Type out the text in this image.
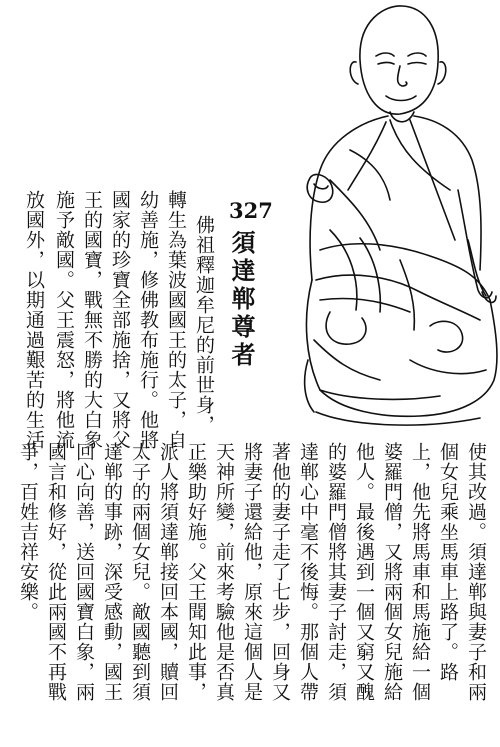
327
須達郸尊者
佛祖釋迦牟尼的前世身，
轉生為葉波國國王的太子，自
幼善施，修佛教布施行。他將
國家的珍寶全部施捨，又將父
王的國寶，戰無不勝的大白象
施予敵國。父王震怒，將他流
放國外，以期通過艱苦的生活
使其改過。須達郸與妻子和兩
個女兒乘坐馬車上路了。路
上，他先將馬車和馬施給一個
婆羅門僧，又將兩個女兒施給
他人。最後遇到一個又窮又醜
的婆羅門僧將其妻子討走，須
達郸心中毫不後悔。那個人帶
著他的妻子走了七步，回身又
將妻子還給他，原來這個人是
天神所變，前來考驗他是否真
正樂助好施。父王聞知此事，
派人將須達郸接回本國，贖回
太子的兩個女兒。敵國聽到須
達郸的事跡，深受感動，國王
回心向善，送回國寶白象，兩
國言和修好，從此兩國不再戰
爭，百姓吉祥安樂。
